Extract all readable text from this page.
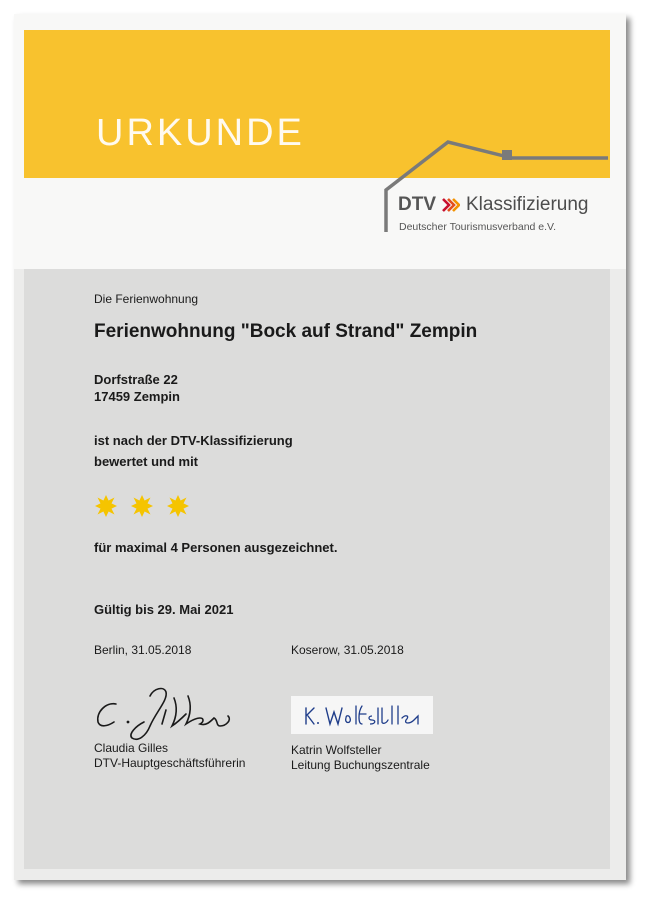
URKUNDE
DTV Klassifizierung
Deutscher Tourismusverband e.V.
Die Ferienwohnung
Ferienwohnung "Bock auf Strand" Zempin
Dorfstraße 22
17459 Zempin
ist nach der DTV-Klassifizierung
bewertet und mit
für maximal 4 Personen ausgezeichnet.
Gültig bis 29. Mai 2021
Berlin, 31.05.2018	Koserow, 31.05.2018
Claudia Gilles
DTV-Hauptgeschäftsführerin
Katrin Wolfsteller
Leitung Buchungszentrale
